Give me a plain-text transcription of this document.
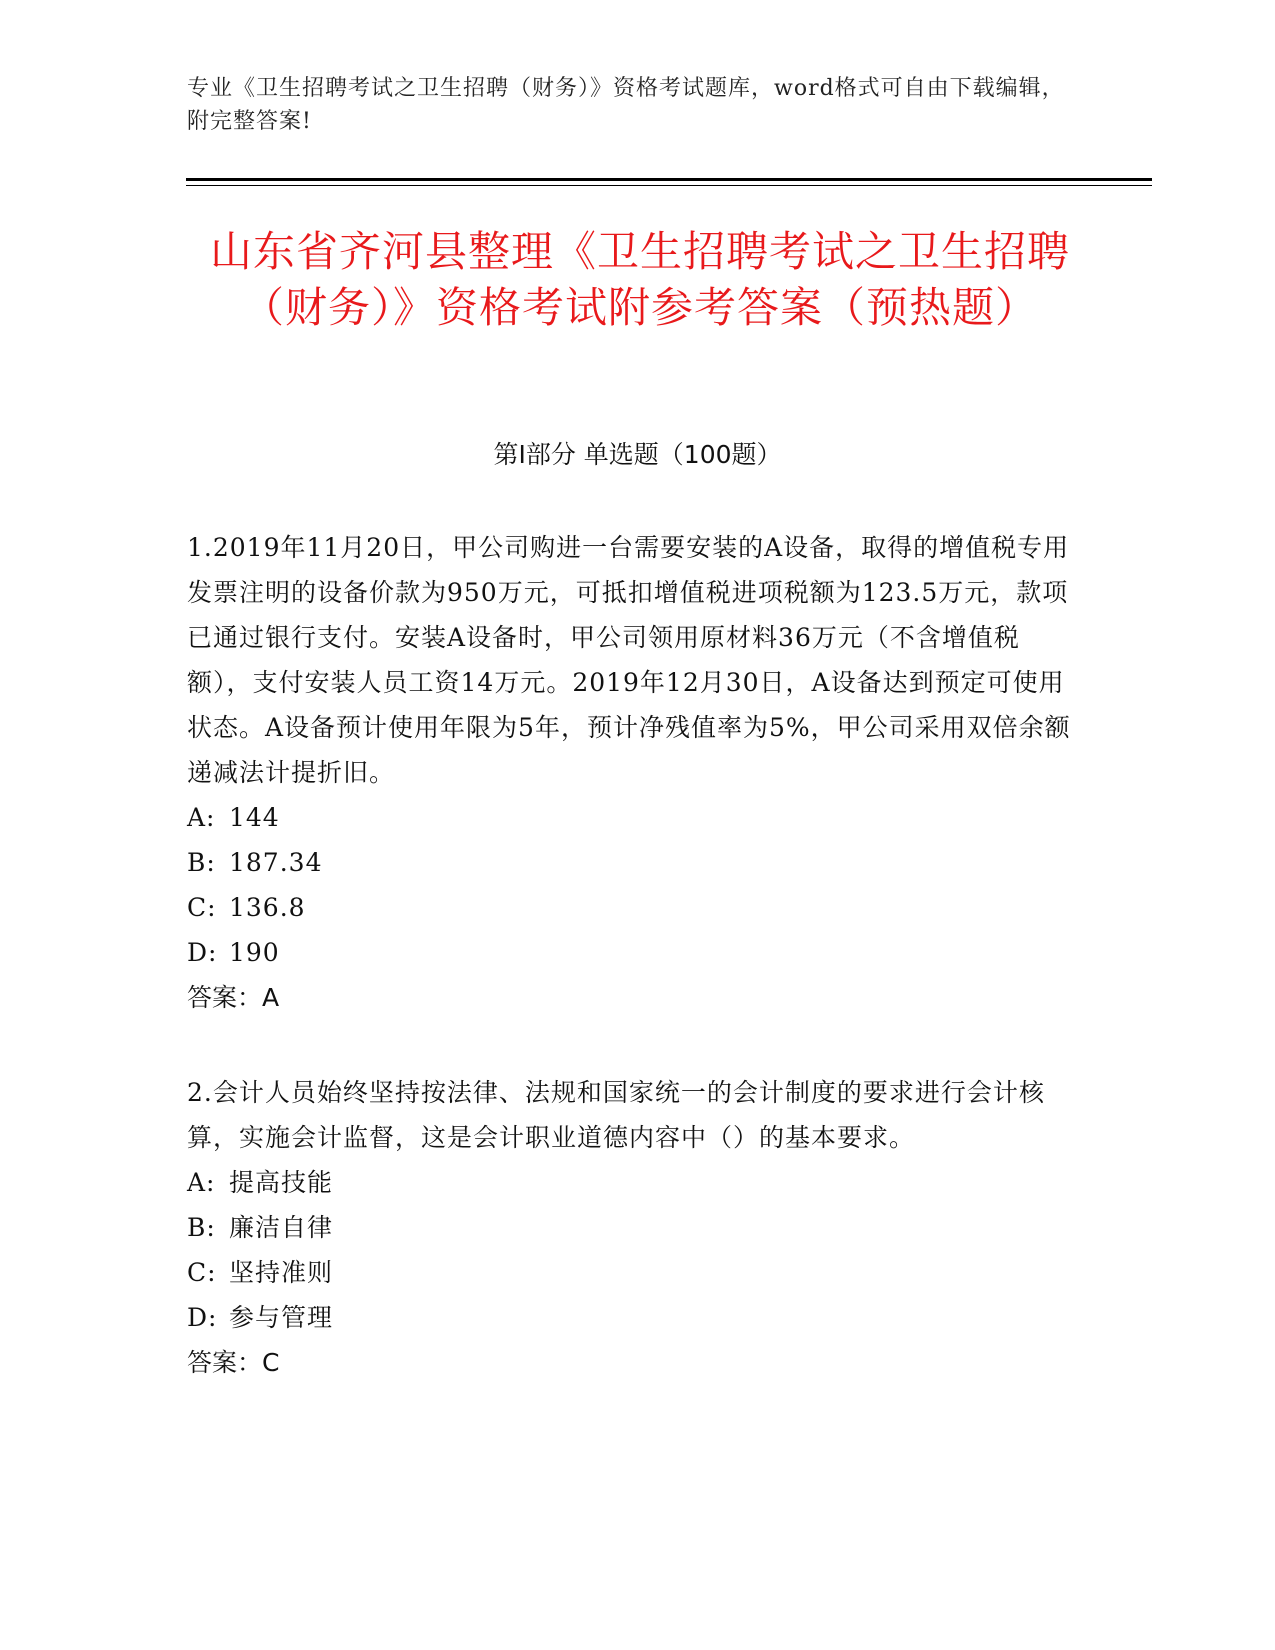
专业《卫生招聘考试之卫生招聘（财务）》资格考试题库，word格式可自由下载编辑，附完整答案!
山东省齐河县整理《卫生招聘考试之卫生招聘（财务）》资格考试附参考答案（预热题）
第I部分 单选题（100题）

1.2019年11月20日，甲公司购进一台需要安装的A设备，取得的增值税专用发票注明的设备价款为950万元，可抵扣增值税进项税额为123.5万元，款项已通过银行支付。安装A设备时，甲公司领用原材料36万元（不含增值税额），支付安装人员工资14万元。2019年12月30日，A设备达到预定可使用状态。A设备预计使用年限为5年，预计净残值率为5%，甲公司采用双倍余额递减法计提折旧。

A: 144
B: 187.34
C: 136.8
D: 190
答案：A

2.会计人员始终坚持按法律、法规和国家统一的会计制度的要求进行会计核算，实施会计监督，这是会计职业道德内容中（）的基本要求。

A: 提高技能
B: 廉洁自律
C: 坚持准则
D: 参与管理
答案：C
